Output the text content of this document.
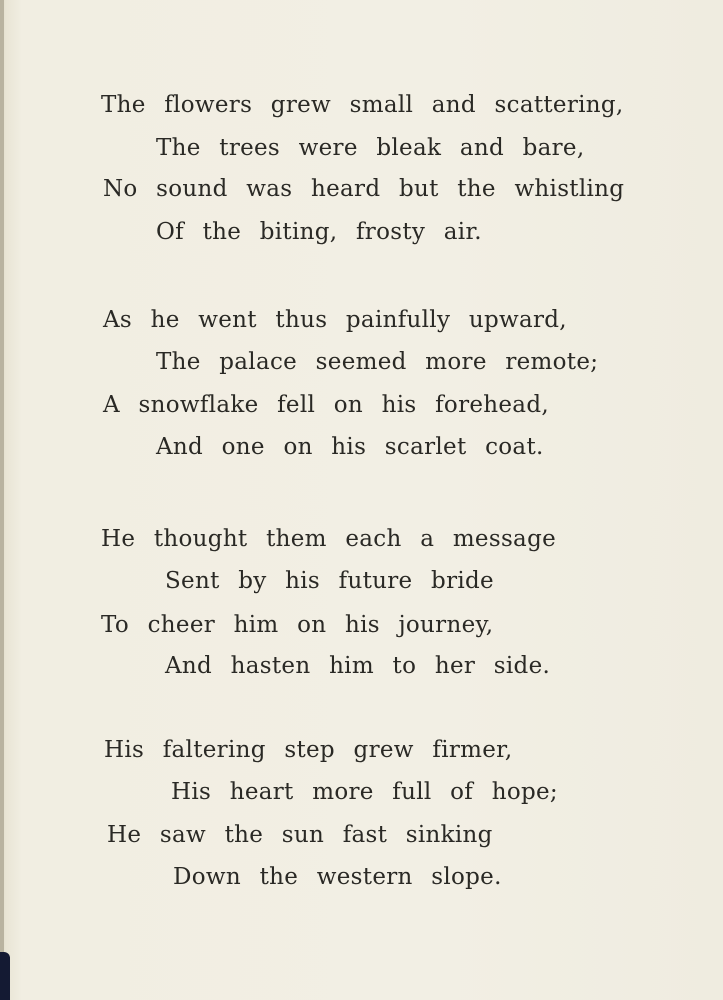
The flowers grew small and scattering,
The trees were bleak and bare,
No sound was heard but the whistling
Of the biting, frosty air.
As he went thus painfully upward,
The palace seemed more remote;
A snowflake fell on his forehead,
And one on his scarlet coat.
He thought them each a message
Sent by his future bride
To cheer him on his journey,
And hasten him to her side.
His faltering step grew firmer,
His heart more full of hope;
He saw the sun fast sinking
Down the western slope.
